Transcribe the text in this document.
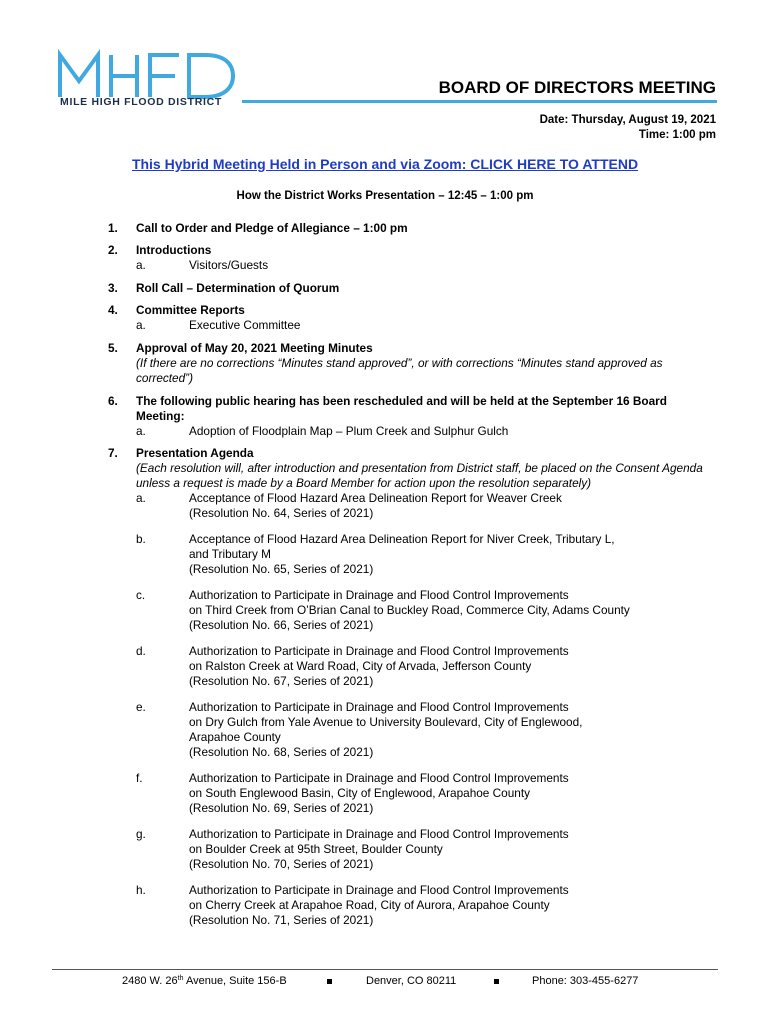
MILE HIGH FLOOD DISTRICT
BOARD OF DIRECTORS MEETING
Date: Thursday, August 19, 2021
Time: 1:00 pm
This Hybrid Meeting Held in Person and via Zoom: CLICK HERE TO ATTEND
How the District Works Presentation – 12:45 – 1:00 pm
1. Call to Order and Pledge of Allegiance – 1:00 pm
2. Introductions
a.	Visitors/Guests
3. Roll Call – Determination of Quorum
4. Committee Reports
a.	Executive Committee
5. Approval of May 20, 2021 Meeting Minutes
(If there are no corrections “Minutes stand approved”, or with corrections “Minutes stand approved as corrected”)
6. The following public hearing has been rescheduled and will be held at the September 16 Board Meeting:
a.	Adoption of Floodplain Map – Plum Creek and Sulphur Gulch
7. Presentation Agenda
(Each resolution will, after introduction and presentation from District staff, be placed on the Consent Agenda unless a request is made by a Board Member for action upon the resolution separately)
a.	Acceptance of Flood Hazard Area Delineation Report for Weaver Creek
(Resolution No. 64, Series of 2021)
b.	Acceptance of Flood Hazard Area Delineation Report for Niver Creek, Tributary L,
and Tributary M
(Resolution No. 65, Series of 2021)
c.	Authorization to Participate in Drainage and Flood Control Improvements
on Third Creek from O’Brian Canal to Buckley Road, Commerce City, Adams County
(Resolution No. 66, Series of 2021)
d.	Authorization to Participate in Drainage and Flood Control Improvements
on Ralston Creek at Ward Road, City of Arvada, Jefferson County
(Resolution No. 67, Series of 2021)
e.	Authorization to Participate in Drainage and Flood Control Improvements
on Dry Gulch from Yale Avenue to University Boulevard, City of Englewood,
Arapahoe County
(Resolution No. 68, Series of 2021)
f.	Authorization to Participate in Drainage and Flood Control Improvements
on South Englewood Basin, City of Englewood, Arapahoe County
(Resolution No. 69, Series of 2021)
g.	Authorization to Participate in Drainage and Flood Control Improvements
on Boulder Creek at 95th Street, Boulder County
(Resolution No. 70, Series of 2021)
h.	Authorization to Participate in Drainage and Flood Control Improvements
on Cherry Creek at Arapahoe Road, City of Aurora, Arapahoe County
(Resolution No. 71, Series of 2021)
2480 W. 26th Avenue, Suite 156-B	Denver, CO 80211	Phone: 303-455-6277
